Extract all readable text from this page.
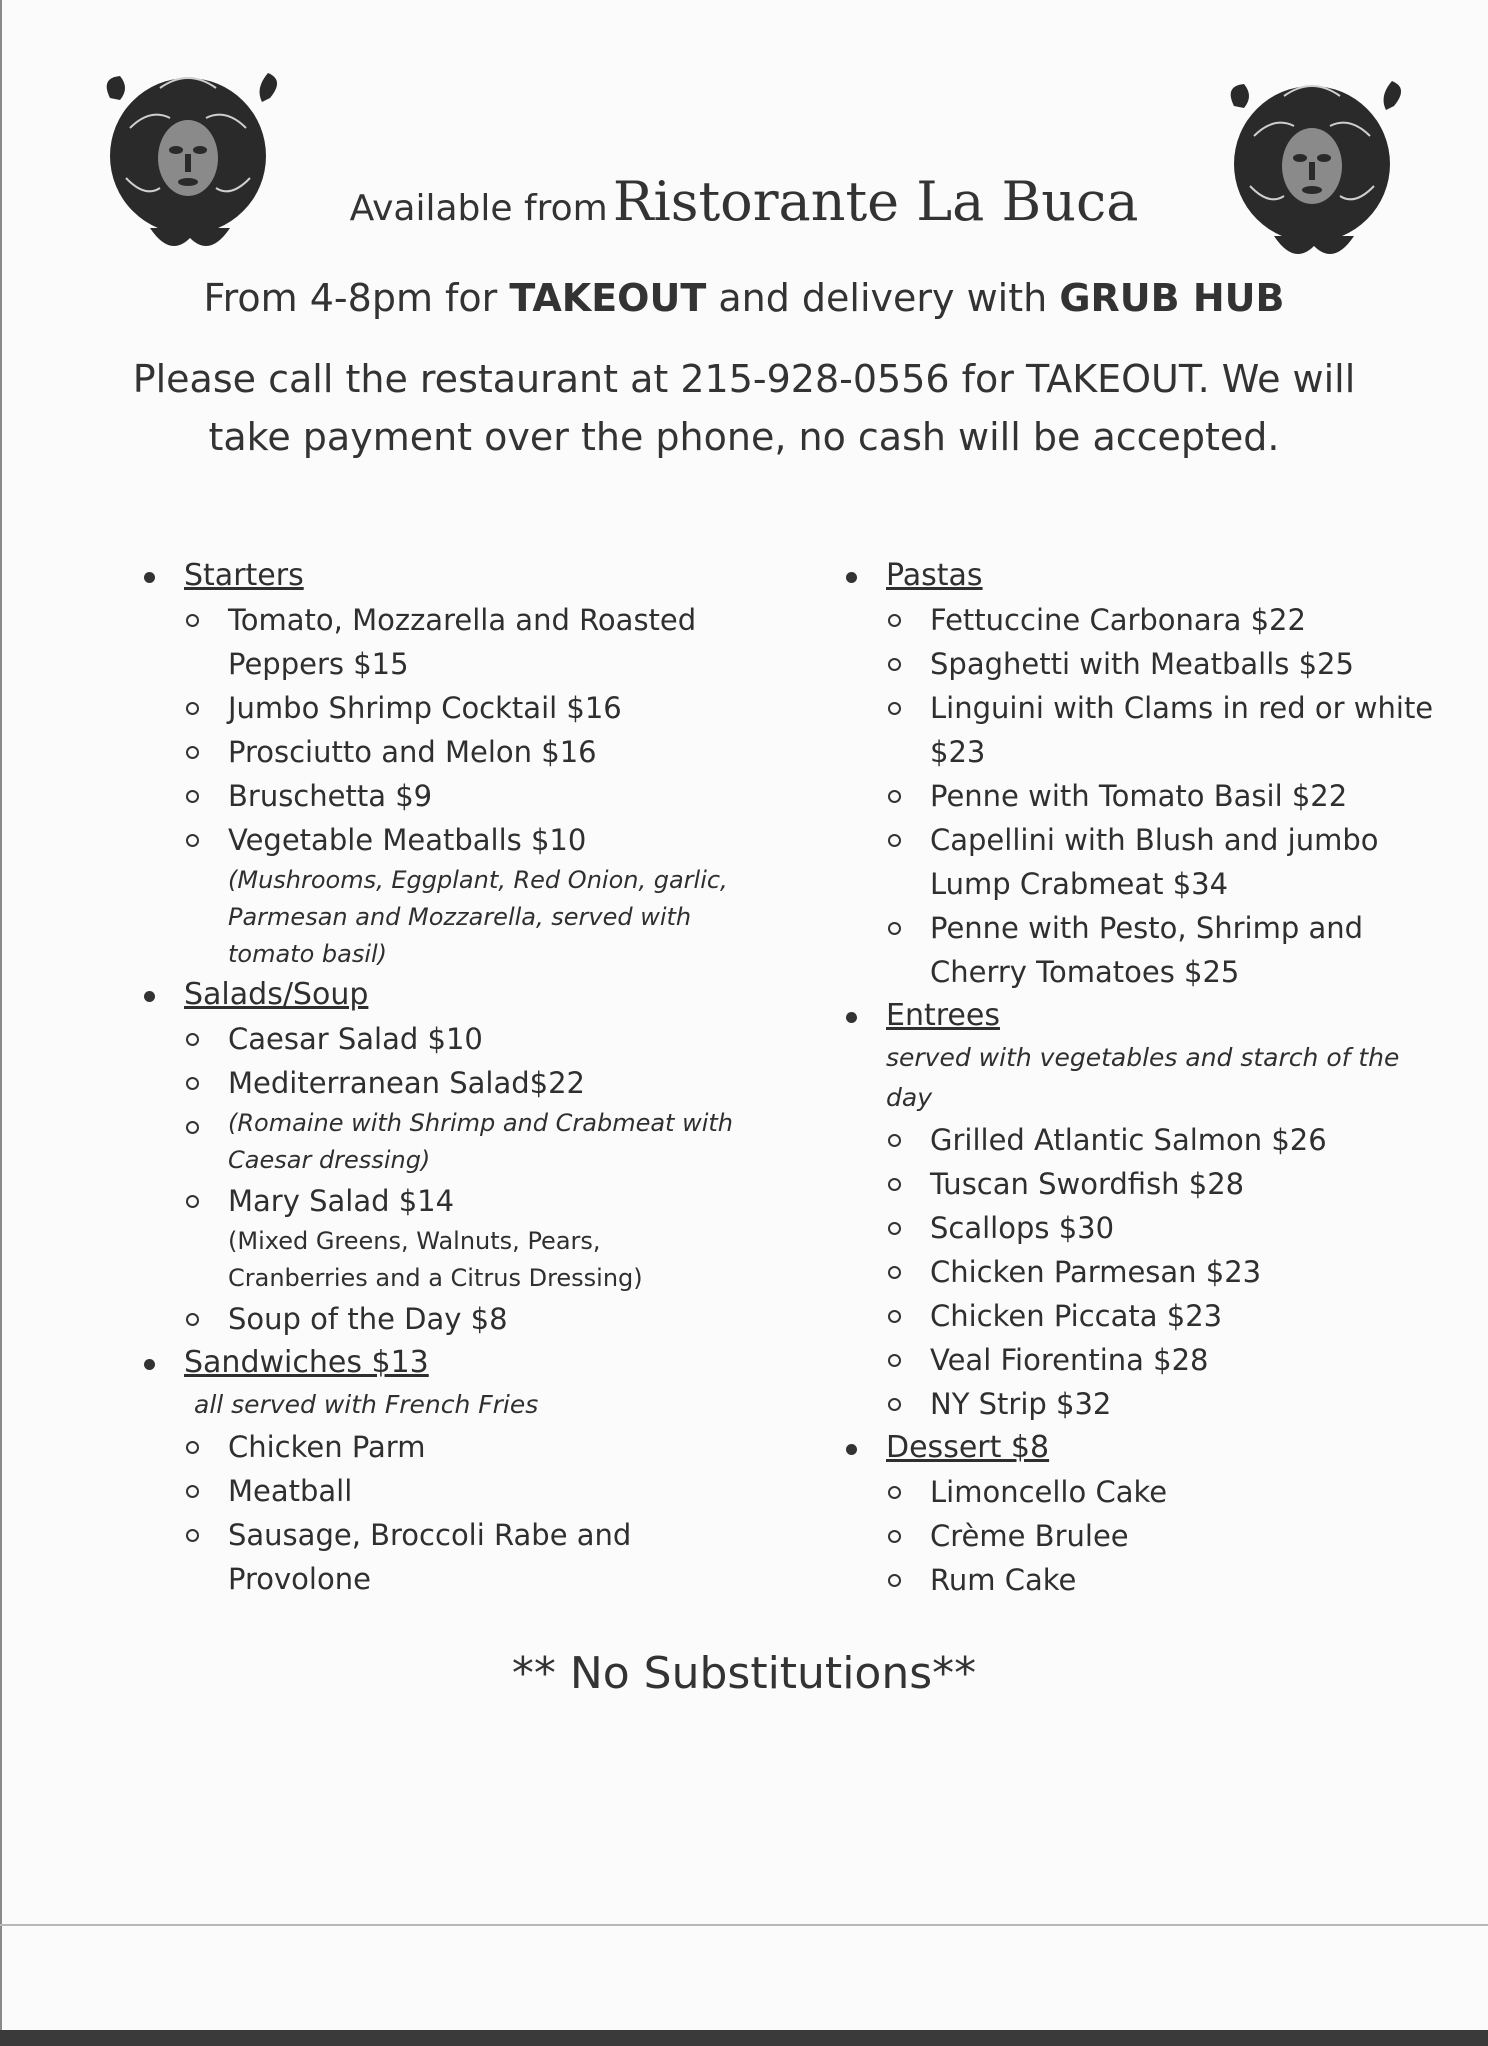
Available from Ristorante La Buca
From 4-8pm for TAKEOUT and delivery with GRUB HUB
Please call the restaurant at 215-928-0556 for TAKEOUT. We will
take payment over the phone, no cash will be accepted.
Starters
Tomato, Mozzarella and Roasted Peppers $15
Jumbo Shrimp Cocktail $16
Prosciutto and Melon $16
Bruschetta $9
Vegetable Meatballs $10
(Mushrooms, Eggplant, Red Onion, garlic, Parmesan and Mozzarella, served with tomato basil)
Salads/Soup
Caesar Salad $10
Mediterranean Salad$22
(Romaine with Shrimp and Crabmeat with Caesar dressing)
Mary Salad $14
(Mixed Greens, Walnuts, Pears, Cranberries and a Citrus Dressing)
Soup of the Day $8
Sandwiches $13
all served with French Fries
Chicken Parm
Meatball
Sausage, Broccoli Rabe and Provolone
Pastas
Fettuccine Carbonara $22
Spaghetti with Meatballs $25
Linguini with Clams in red or white $23
Penne with Tomato Basil $22
Capellini with Blush and jumbo Lump Crabmeat $34
Penne with Pesto, Shrimp and Cherry Tomatoes $25
Entrees
served with vegetables and starch of the day
Grilled Atlantic Salmon $26
Tuscan Swordfish $28
Scallops $30
Chicken Parmesan $23
Chicken Piccata $23
Veal Fiorentina $28
NY Strip $32
Dessert $8
Limoncello Cake
Crème Brulee
Rum Cake
** No Substitutions**
